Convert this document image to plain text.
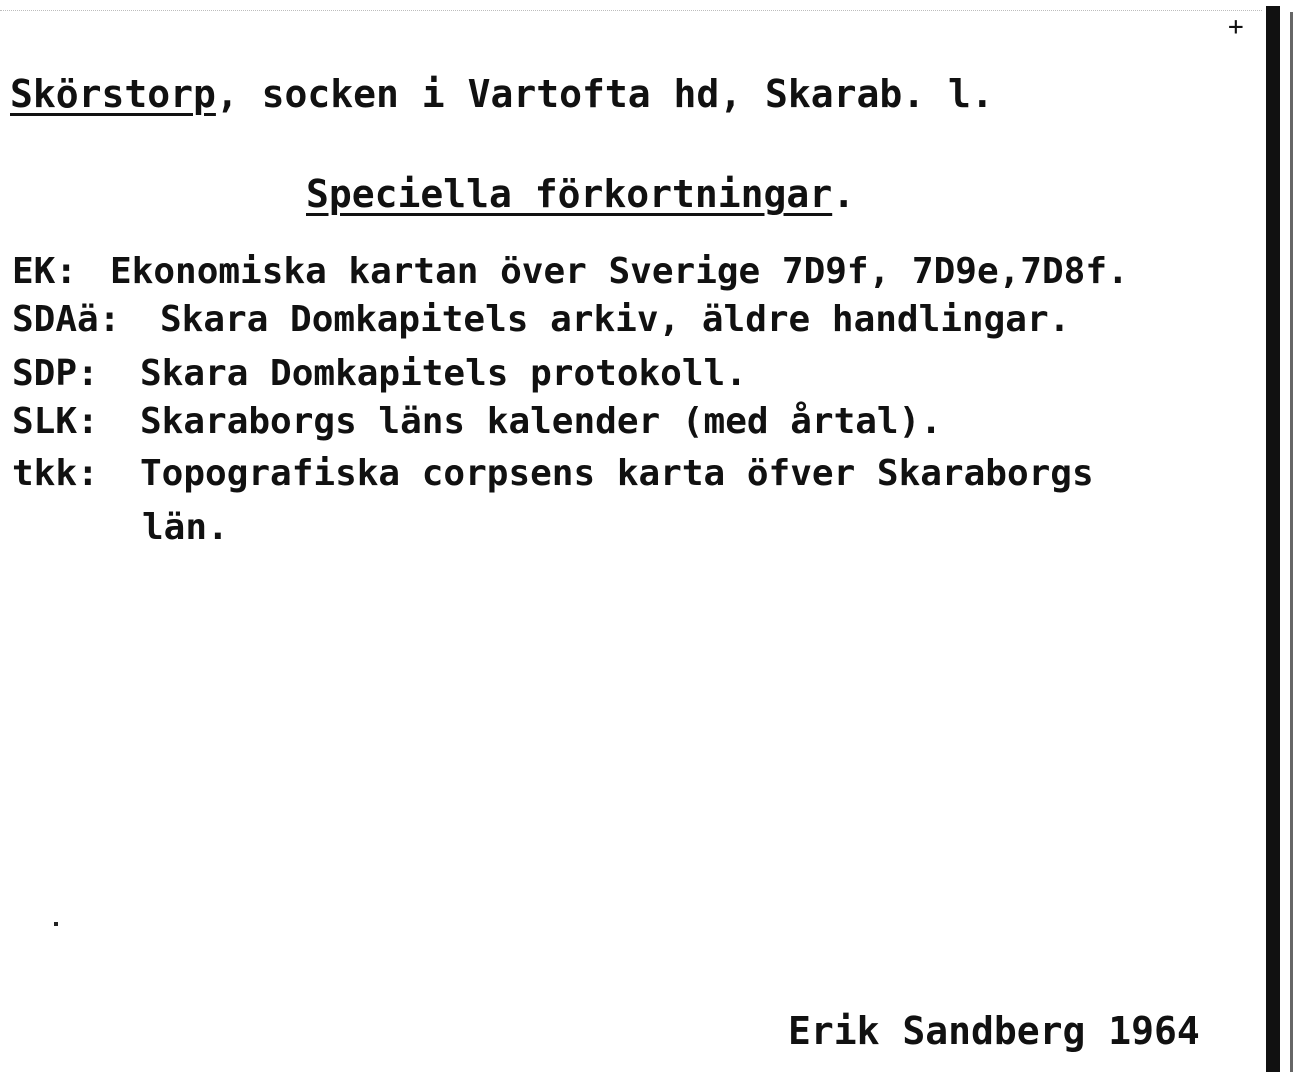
+
Skörstorp, socken i Vartofta hd, Skarab. l.
Speciella förkortningar.
EK: Ekonomiska kartan över Sverige 7D9f, 7D9e,7D8f.
SDAä: Skara Domkapitels arkiv, äldre handlingar.
SDP: Skara Domkapitels protokoll.
SLK: Skaraborgs läns kalender (med årtal).
tkk: Topografiska corpsens karta öfver Skaraborgs
län.
Erik Sandberg 1964
